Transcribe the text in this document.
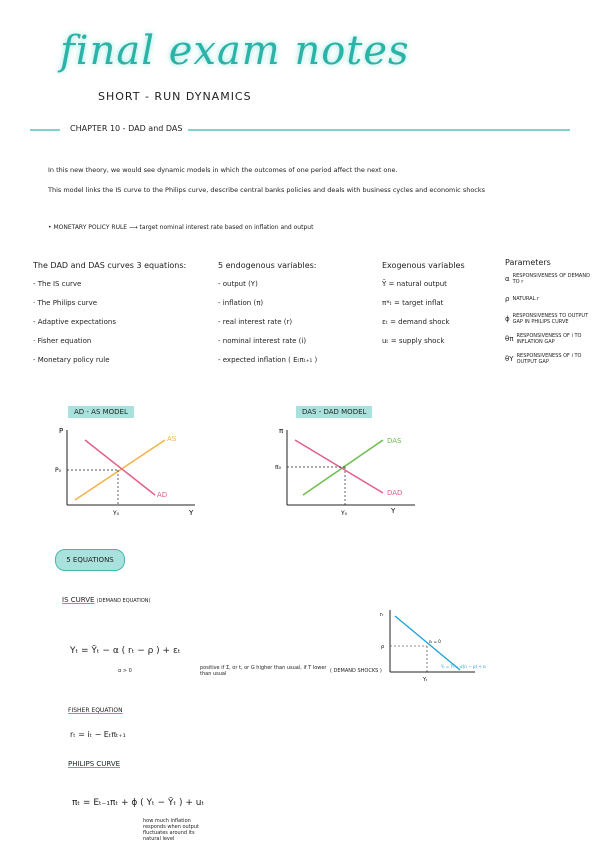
final exam notes
SHORT - RUN DYNAMICS
CHAPTER 10 - DAD and DAS
In this new theory, we would see dynamic models in which the outcomes of one period affect the next one.
This model links the IS curve to the Philips curve, describe central banks policies and deals with business cycles and economic shocks
• MONETARY POLICY RULE ⟶ target nominal interest rate based on inflation and output
The DAD and DAS curves 3 equations:
- The IS curve
· The Philips curve
- Adaptive expectations
· Fisher equation
- Monetary policy rule
5 endogenous variables:
- output (Y)
- inflation (π)
- real interest rate (r)
- nominal interest rate (i)
- expected inflation ( Eₜπₜ₊₁ )
Exogenous variables
Ȳ = natural output
π*ₜ = target inflat
εₜ = demand shock
uₜ = supply shock
Parameters
α RESPONSIVENESS OF DEMAND TO r
ρ NATURAL r
ϕ RESPONSIVENESS TO OUTPUT GAP IN PHILIPS CURVE
θπ RESPONSIVENESS OF i TO INFLATION GAP
θY RESPONSIVENESS OF i TO OUTPUT GAP
AD - AS MODEL
P
Y
AS
AD
P₀
Y₀
DAS - DAD MODEL
π
Y
DAS
DAD
π₀
Y₀
5 EQUATIONS
IS CURVE (DEMAND EQUATION)
Yₜ = Ȳₜ − α ( rₜ − ρ ) + εₜ
α > 0	positive if Σ, or t, or G higher than usual, if T lower than usual	( DEMAND SHOCKS )
rₜ
Yₜ
ρ
εₜ = 0
Yₜ = Ȳₜ − α(rₜ − ρ) + εₜ
FISHER EQUATION
rₜ = iₜ − Eₜπₜ₊₁
PHILIPS CURVE
πₜ = Eₜ₋₁πₜ + ϕ ( Yₜ − Ȳₜ ) + uₜ
how much inflation responds when output fluctuates around its natural level
